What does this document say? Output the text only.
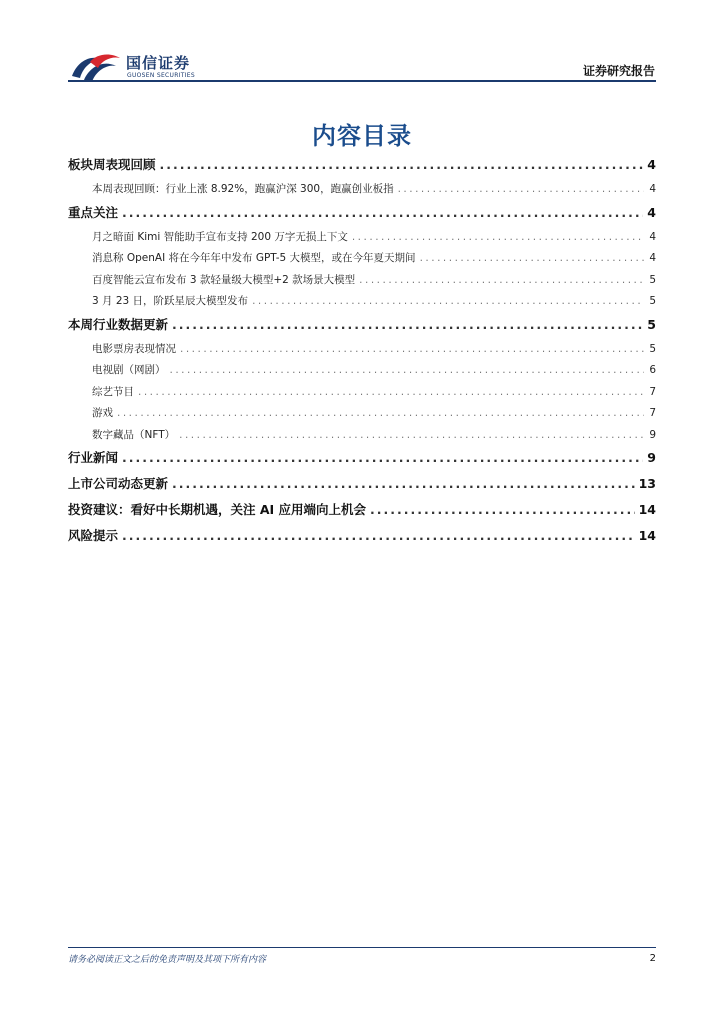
国信证券
GUOSEN SECURITIES	证券研究报告
内容目录
板块周表现回顾 .....	4
本周表现回顾：行业上涨 8.92%，跑赢沪深 300，跑赢创业板指 .....	4
重点关注 .....	4
月之暗面 Kimi 智能助手宣布支持 200 万字无损上下文 .....	4
消息称 OpenAI 将在今年年中发布 GPT-5 大模型，或在今年夏天期间 .....	4
百度智能云宣布发布 3 款轻量级大模型+2 款场景大模型 .....	5
3 月 23 日，阶跃星辰大模型发布 .....	5
本周行业数据更新 .....	5
电影票房表现情况 .....	5
电视剧（网剧） .....	6
综艺节目 .....	7
游戏 .....	7
数字藏品（NFT） .....	9
行业新闻 .....	9
上市公司动态更新 .....	13
投资建议：看好中长期机遇，关注 AI 应用端向上机会 .....	14
风险提示 .....	14
请务必阅读正文之后的免责声明及其项下所有内容	2
